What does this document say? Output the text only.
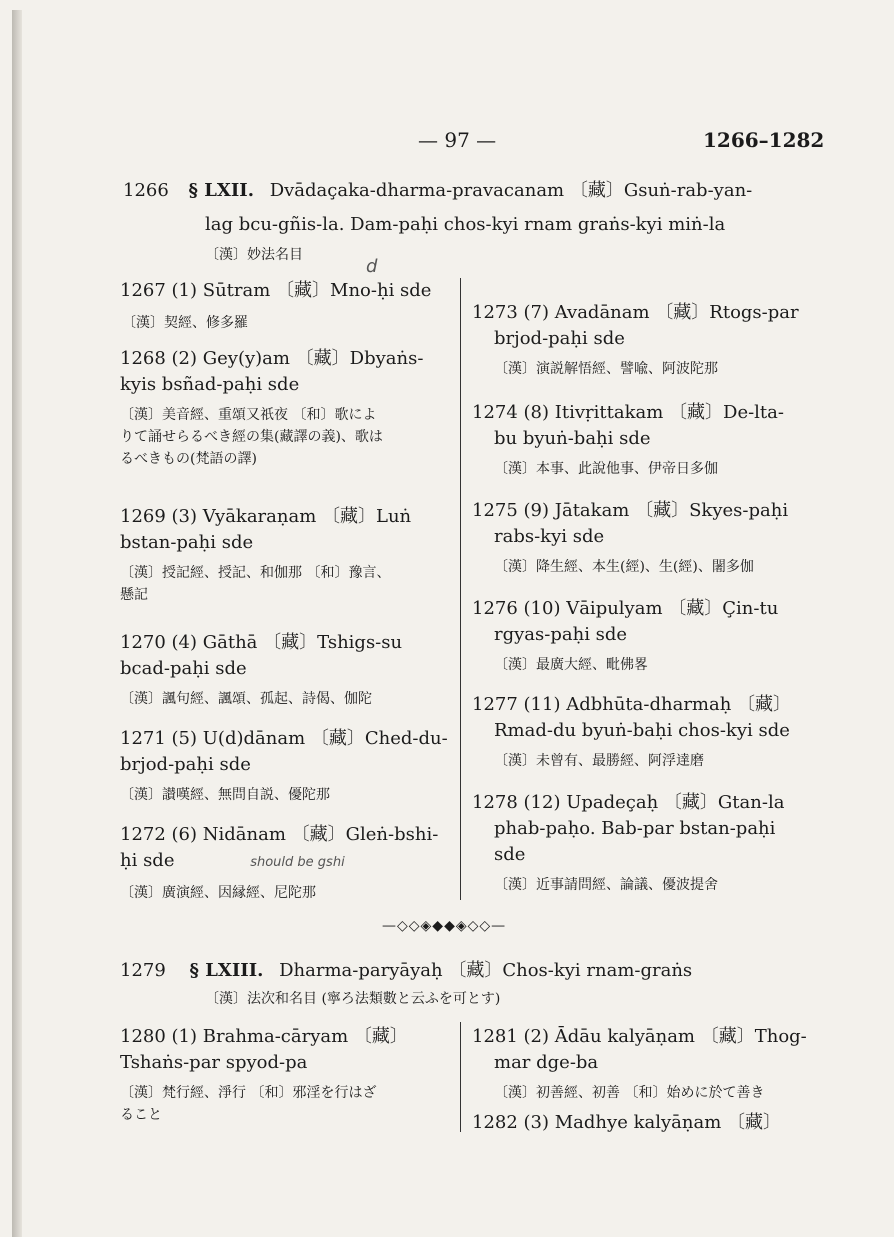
— 97 —	1266–1282
1266 § LXII. Dvādaçaka-dharma-pravacanam 〔藏〕Gsuṅ-rab-yan-
lag bcu-gñis-la. Dam-paḥi chos-kyi rnam graṅs-kyi miṅ-la
〔漢〕妙法名目
d
1267 (1) Sūtram 〔藏〕Mno-ḥi sde
〔漢〕契經、修多羅
1268 (2) Gey(y)am 〔藏〕Dbyaṅs-
kyis bsñad-paḥi sde
〔漢〕美音經、重頌又祇夜 〔和〕歌によ
りて誦せらるべき經の集(藏譯の義)、歌は
るべきもの(梵語の譯)
1269 (3) Vyākaraṇam 〔藏〕Luṅ
bstan-paḥi sde
〔漢〕授記經、授記、和伽那 〔和〕豫言、
懸記
1270 (4) Gāthā 〔藏〕Tshigs-su
bcad-paḥi sde
〔漢〕諷句經、諷頌、孤起、詩偈、伽陀
1271 (5) U(d)dānam 〔藏〕Ched-du-
brjod-paḥi sde
〔漢〕讃嘆經、無問自説、優陀那
1272 (6) Nidānam 〔藏〕Gleṅ-bshi-
ḥi sde	should be gshi
〔漢〕廣演經、因縁經、尼陀那
1273 (7) Avadānam 〔藏〕Rtogs-par
brjod-paḥi sde
〔漢〕演説解悟經、譬喩、阿波陀那
1274 (8) Itivṛittakam 〔藏〕De-lta-
bu byuṅ-baḥi sde
〔漢〕本事、此說他事、伊帝日多伽
1275 (9) Jātakam 〔藏〕Skyes-paḥi
rabs-kyi sde
〔漢〕降生經、本生(經)、生(經)、闍多伽
1276 (10) Vāipulyam 〔藏〕Çin-tu
rgyas-paḥi sde
〔漢〕最廣大經、毗佛畧
1277 (11) Adbhūta-dharmaḥ 〔藏〕
Rmad-du byuṅ-baḥi chos-kyi sde
〔漢〕未曾有、最勝經、阿浮達磨
1278 (12) Upadeçaḥ 〔藏〕Gtan-la
phab-paḥo. Bab-par bstan-paḥi
sde
〔漢〕近事請問經、論議、優波提舍
—◇◇◈◆◆◈◇◇—
1279 § LXIII. Dharma-paryāyaḥ 〔藏〕Chos-kyi rnam-graṅs
〔漢〕法次和名目 (寧ろ法類數と云ふを可とす)
1280 (1) Brahma-cāryam 〔藏〕
Tshaṅs-par spyod-pa
〔漢〕梵行經、淨行 〔和〕邪淫を行はざ
ること
1281 (2) Ādāu kalyāṇam 〔藏〕Thog-
mar dge-ba
〔漢〕初善經、初善 〔和〕始めに於て善き
1282 (3) Madhye kalyāṇam 〔藏〕
